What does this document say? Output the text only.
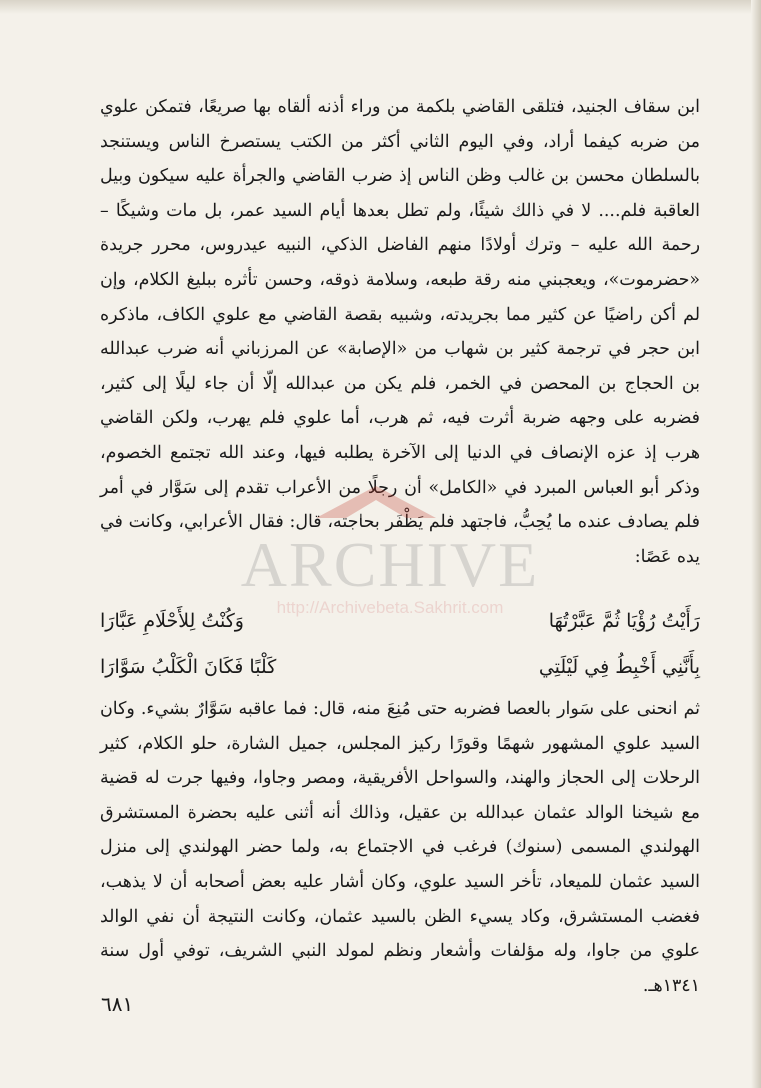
ابن سقاف الجنيد، فتلقى القاضي بلكمة من وراء أذنه ألقاه بها صريعًا، فتمكن علوي من ضربه كيفما أراد، وفي اليوم الثاني أكثر من الكتب يستصرخ الناس ويستنجد بالسلطان محسن بن غالب وظن الناس إذ ضرب القاضي والجرأة عليه سيكون وبيل العاقبة فلم.... لا في ذالك شيئًا، ولم تطل بعدها أيام السيد عمر، بل مات وشيكًا – رحمة الله عليه – وترك أولادًا منهم الفاضل الذكي، النبيه عيدروس، محرر جريدة «حضرموت»، ويعجبني منه رقة طبعه، وسلامة ذوقه، وحسن تأثره ببليغ الكلام، وإن لم أكن راضيًا عن كثير مما بجريدته، وشبيه بقصة القاضي مع علوي الكاف، ماذكره ابن حجر في ترجمة كثير بن شهاب من «الإصابة» عن المرزباني أنه ضرب عبدالله بن الحجاج بن المحصن في الخمر، فلم يكن من عبدالله إلّا أن جاء ليلًا إلى كثير، فضربه على وجهه ضربة أثرت فيه، ثم هرب، أما علوي فلم يهرب، ولكن القاضي هرب إذ عزه الإنصاف في الدنيا إلى الآخرة يطلبه فيها، وعند الله تجتمع الخصوم، وذكر أبو العباس المبرد في «الكامل» أن رجلًا من الأعراب تقدم إلى سَوَّار في أمر فلم يصادف عنده ما يُحِبُّ، فاجتهد فلم يَظْفَر بحاجته، قال: فقال الأعرابي، وكانت في يده عَصًا:

رَأَيْتُ رُؤْيَا ثُمَّ عَبَّرْتُهَا
وَكُنْتُ لِلأَحْلَامِ عَبَّارَا
بِأَنَّنِي أَخْبِطُ فِي لَيْلَتِي
كَلْبًا فَكَانَ الْكَلْبُ سَوَّارَا

ثم انحنى على سَوار بالعصا فضربه حتى مُنِعَ منه، قال: فما عاقبه سَوَّارٌ بشيء. وكان السيد علوي المشهور شهمًا وقورًا ركيز المجلس، جميل الشارة، حلو الكلام، كثير الرحلات إلى الحجاز والهند، والسواحل الأفريقية، ومصر وجاوا، وفيها جرت له قضية مع شيخنا الوالد عثمان عبدالله بن عقيل، وذالك أنه أثنى عليه بحضرة المستشرق الهولندي المسمى (سنوك) فرغب في الاجتماع به، ولما حضر الهولندي إلى منزل السيد عثمان للميعاد، تأخر السيد علوي، وكان أشار عليه بعض أصحابه أن لا يذهب، فغضب المستشرق، وكاد يسيء الظن بالسيد عثمان، وكانت النتيجة أن نفي الوالد علوي من جاوا، وله مؤلفات وأشعار ونظم لمولد النبي الشريف، توفي أول سنة ١٣٤١هـ.

٦٨١
ARCHIVE
http://Archivebeta.Sakhrit.com
